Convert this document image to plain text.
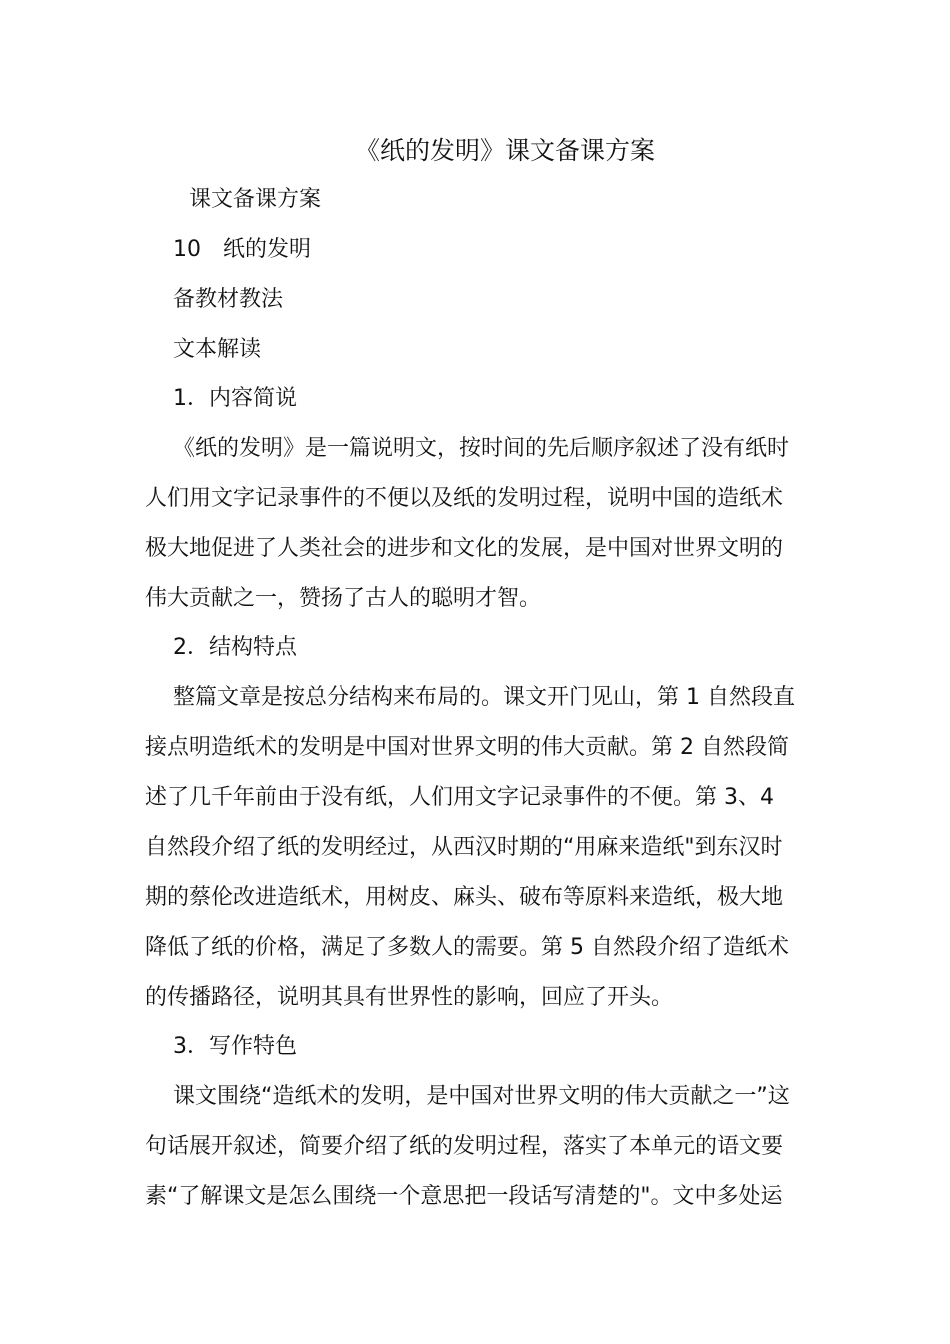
《纸的发明》课文备课方案
课文备课方案
10　纸的发明
备教材教法
文本解读
1．内容简说
《纸的发明》是一篇说明文，按时间的先后顺序叙述了没有纸时
人们用文字记录事件的不便以及纸的发明过程，说明中国的造纸术
极大地促进了人类社会的进步和文化的发展，是中国对世界文明的
伟大贡献之一，赞扬了古人的聪明才智。
2．结构特点
整篇文章是按总分结构来布局的。课文开门见山，第 1 自然段直
接点明造纸术的发明是中国对世界文明的伟大贡献。第 2 自然段简
述了几千年前由于没有纸，人们用文字记录事件的不便。第 3、4
自然段介绍了纸的发明经过，从西汉时期的“用麻来造纸"到东汉时
期的蔡伦改进造纸术，用树皮、麻头、破布等原料来造纸，极大地
降低了纸的价格，满足了多数人的需要。第 5 自然段介绍了造纸术
的传播路径，说明其具有世界性的影响，回应了开头。
3．写作特色
课文围绕“造纸术的发明，是中国对世界文明的伟大贡献之一”这
句话展开叙述，简要介绍了纸的发明过程，落实了本单元的语文要
素“了解课文是怎么围绕一个意思把一段话写清楚的"。文中多处运
